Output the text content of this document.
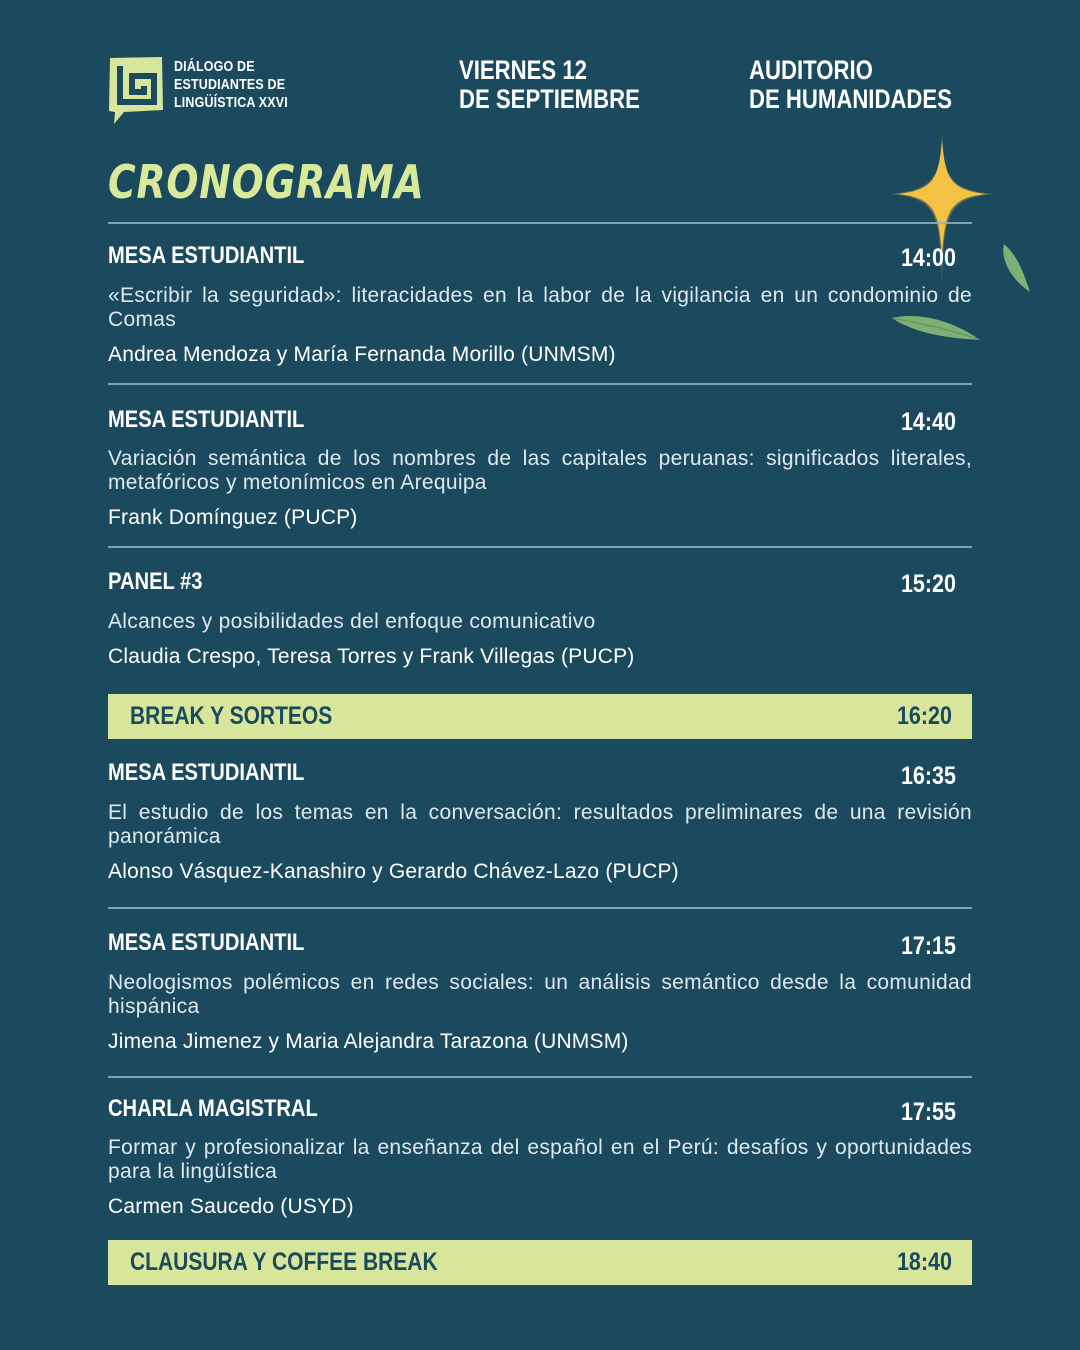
DIÁLOGO DE
ESTUDIANTES DE
LINGÜÍSTICA XXVI
VIERNES 12
DE SEPTIEMBRE
AUDITORIO
DE HUMANIDADES
CRONOGRAMA
MESA ESTUDIANTIL	14:00
«Escribir la seguridad»: literacidades en la labor de la vigilancia en un condominio de Comas
Andrea Mendoza y María Fernanda Morillo (UNMSM)
MESA ESTUDIANTIL	14:40
Variación semántica de los nombres de las capitales peruanas: significados literales, metafóricos y metonímicos en Arequipa
Frank Domínguez (PUCP)
PANEL #3	15:20
Alcances y posibilidades del enfoque comunicativo
Claudia Crespo, Teresa Torres y Frank Villegas (PUCP)
BREAK Y SORTEOS	16:20
MESA ESTUDIANTIL	16:35
El estudio de los temas en la conversación: resultados preliminares de una revisión panorámica
Alonso Vásquez-Kanashiro y Gerardo Chávez-Lazo (PUCP)
MESA ESTUDIANTIL	17:15
Neologismos polémicos en redes sociales: un análisis semántico desde la comunidad hispánica
Jimena Jimenez y Maria Alejandra Tarazona (UNMSM)
CHARLA MAGISTRAL	17:55
Formar y profesionalizar la enseñanza del español en el Perú: desafíos y oportunidades para la lingüística
Carmen Saucedo (USYD)
CLAUSURA Y COFFEE BREAK	18:40
